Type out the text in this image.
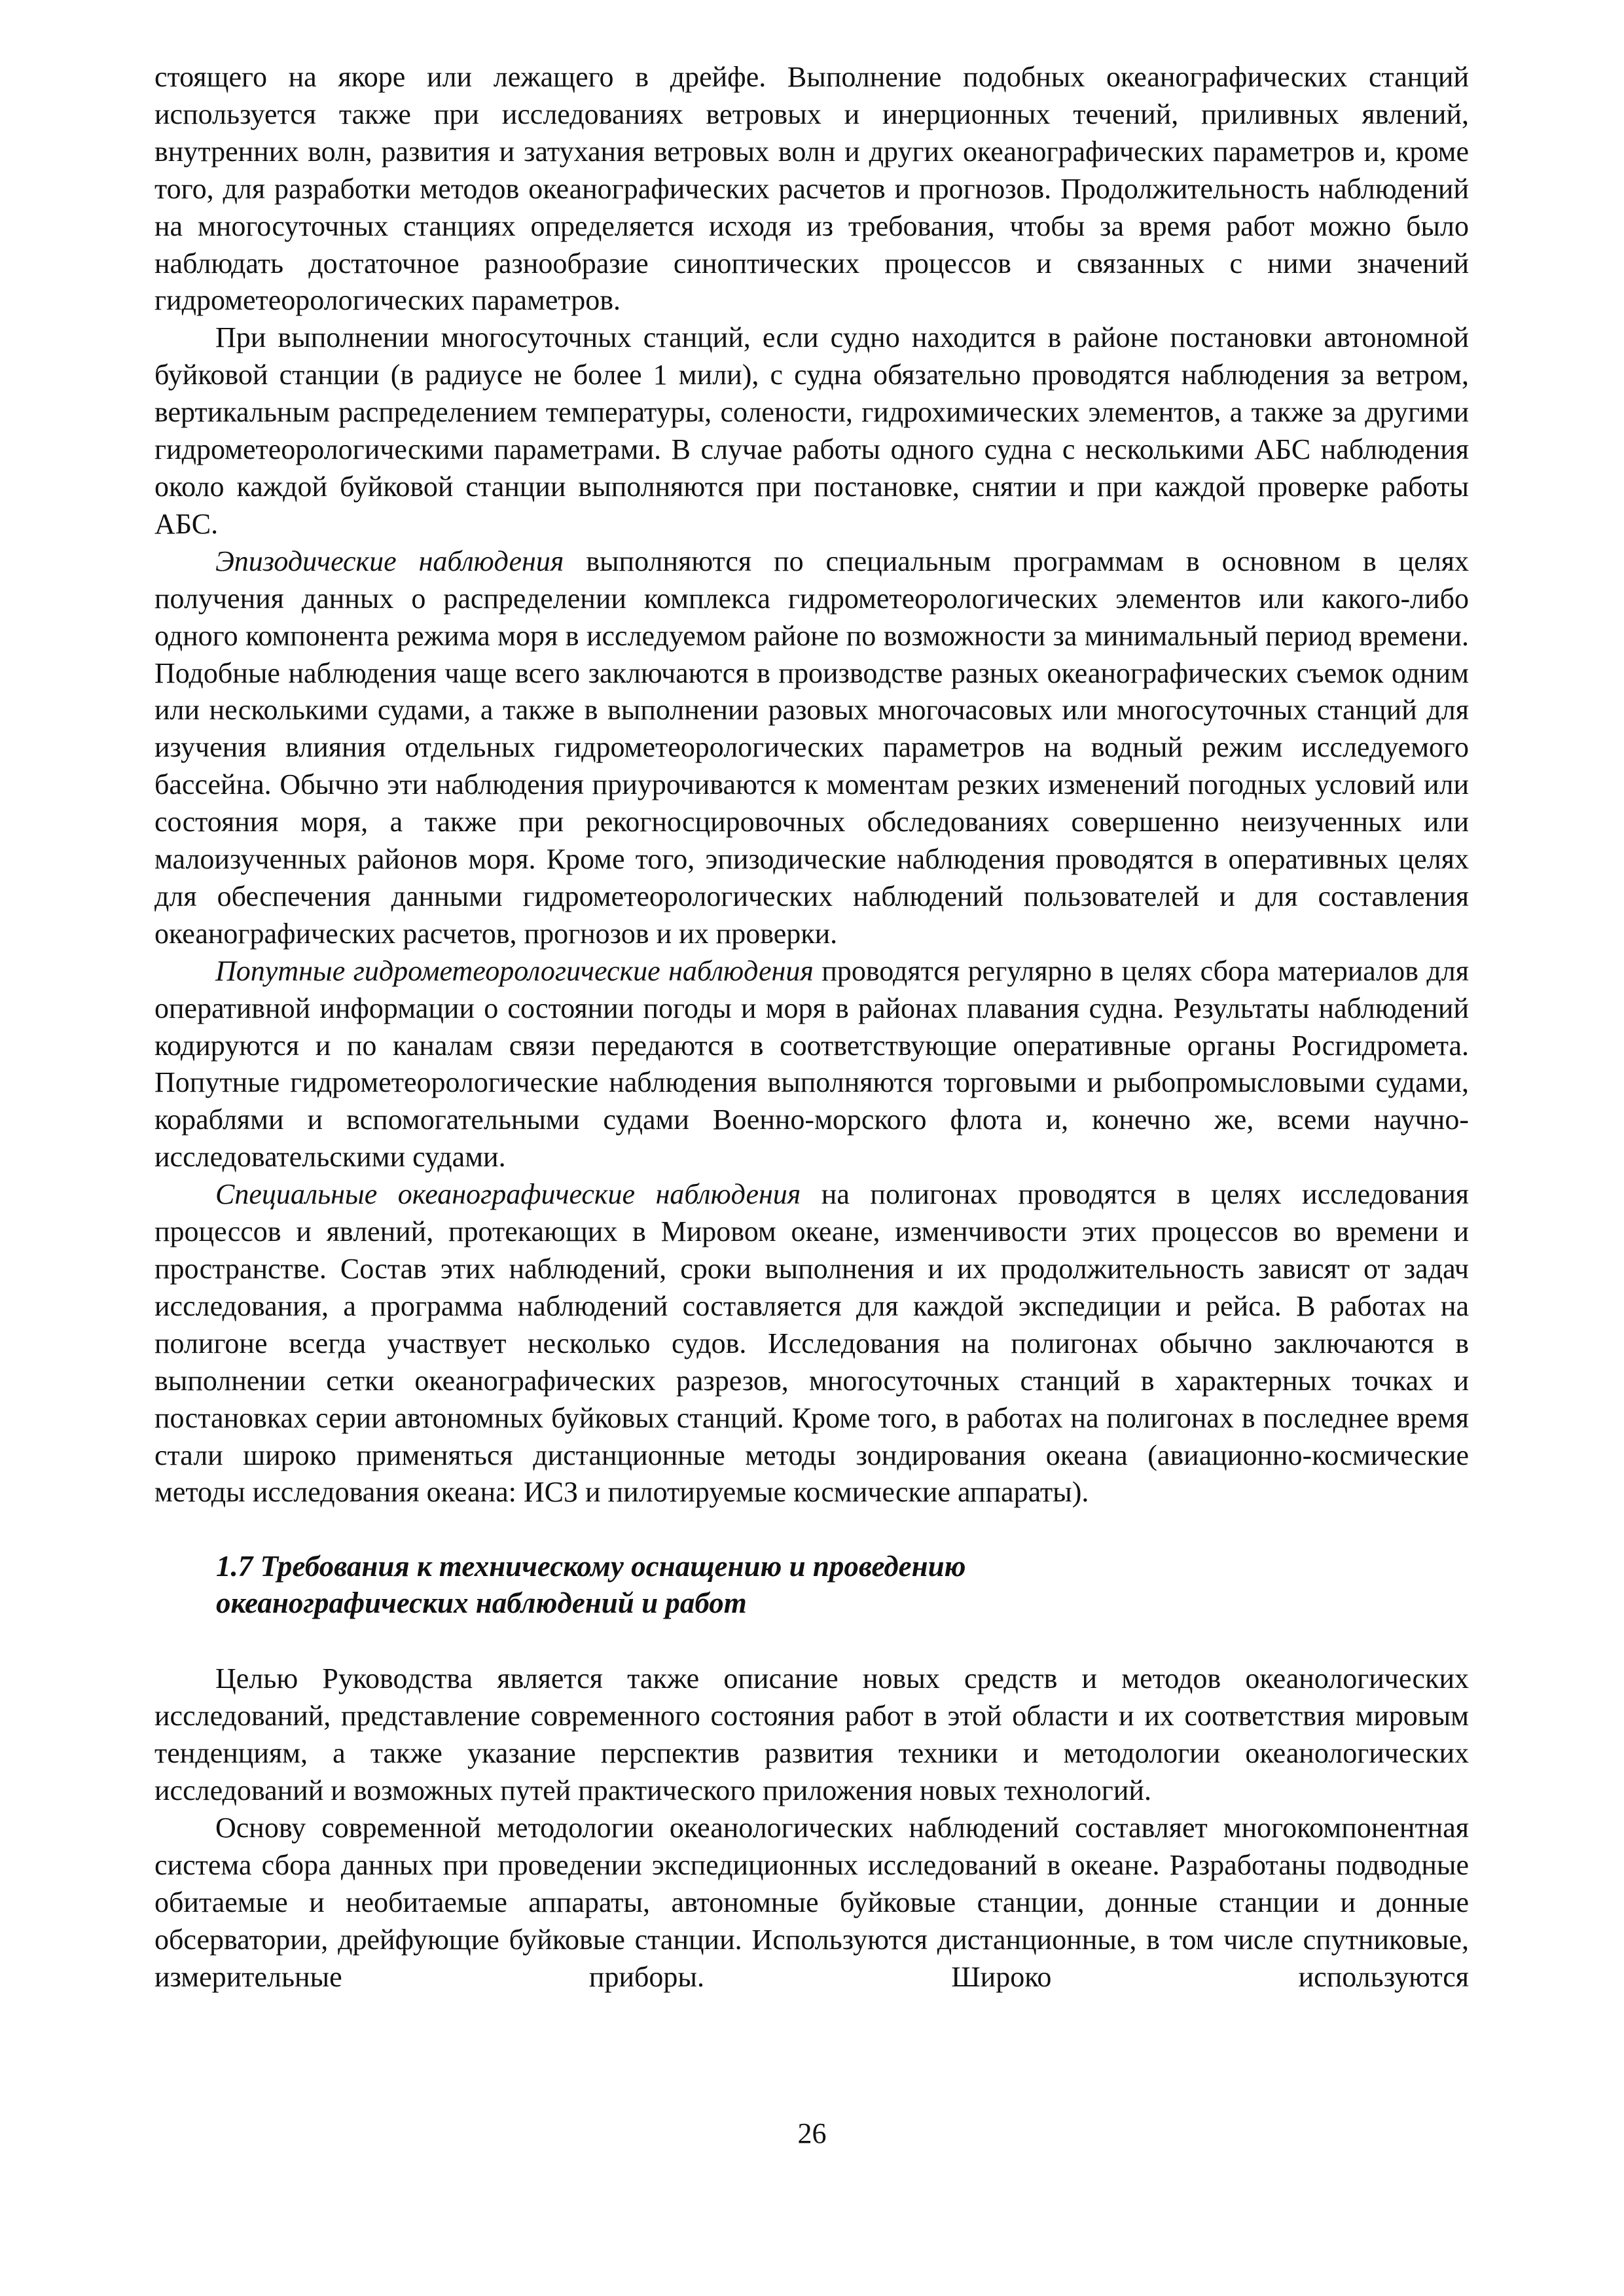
стоящего на якоре или лежащего в дрейфе. Выполнение подобных океанографических станций используется также при исследованиях ветровых и инерционных течений, приливных явлений, внутренних волн, развития и затухания ветровых волн и других океанографических параметров и, кроме того, для разработки методов океанографических расчетов и прогнозов. Продолжительность наблюдений на многосуточных станциях определяется исходя из требования, чтобы за время работ можно было наблюдать достаточное разнообразие синоптических процессов и связанных с ними значений гидрометеорологических параметров.

При выполнении многосуточных станций, если судно находится в районе постановки автономной буйковой станции (в радиусе не более 1 мили), с судна обязательно проводятся наблюдения за ветром, вертикальным распределением температуры, солености, гидрохимических элементов, а также за другими гидрометеорологическими параметрами. В случае работы одного судна с несколькими АБС наблюдения около каждой буйковой станции выполняются при постановке, снятии и при каждой проверке работы АБС.

Эпизодические наблюдения выполняются по специальным программам в основном в целях получения данных о распределении комплекса гидрометеорологических элементов или какого-либо одного компонента режима моря в исследуемом районе по возможности за минимальный период времени. Подобные наблюдения чаще всего заключаются в производстве разных океанографических съемок одним или несколькими судами, а также в выполнении разовых многочасовых или многосуточных станций для изучения влияния отдельных гидрометеорологических параметров на водный режим исследуемого бассейна. Обычно эти наблюдения приурочиваются к моментам резких изменений погодных условий или состояния моря, а также при рекогносцировочных обследованиях совершенно неизученных или малоизученных районов моря. Кроме того, эпизодические наблюдения проводятся в оперативных целях для обеспечения данными гидрометеорологических наблюдений пользователей и для составления океанографических расчетов, прогнозов и их проверки.

Попутные гидрометеорологические наблюдения проводятся регулярно в целях сбора материалов для оперативной информации о состоянии погоды и моря в районах плавания судна. Результаты наблюдений кодируются и по каналам связи передаются в соответствующие оперативные органы Росгидромета. Попутные гидрометеорологические наблюдения выполняются торговыми и рыбопромысловыми судами, кораблями и вспомогательными судами Военно-морского флота и, конечно же, всеми научно-исследовательскими судами.

Специальные океанографические наблюдения на полигонах проводятся в целях исследования процессов и явлений, протекающих в Мировом океане, изменчивости этих процессов во времени и пространстве. Состав этих наблюдений, сроки выполнения и их продолжительность зависят от задач исследования, а программа наблюдений составляется для каждой экспедиции и рейса. В работах на полигоне всегда участвует несколько судов. Исследования на полигонах обычно заключаются в выполнении сетки океанографических разрезов, многосуточных станций в характерных точках и постановках серии автономных буйковых станций. Кроме того, в работах на полигонах в последнее время стали широко применяться дистанционные методы зондирования океана (авиационно-космические методы исследования океана: ИСЗ и пилотируемые космические аппараты).

1.7 Требования к техническому оснащению и проведению
океанографических наблюдений и работ

Целью Руководства является также описание новых средств и методов океанологических исследований, представление современного состояния работ в этой области и их соответствия мировым тенденциям, а также указание перспектив развития техники и методологии океанологических исследований и возможных путей практического приложения новых технологий.

Основу современной методологии океанологических наблюдений составляет многокомпонентная система сбора данных при проведении экспедиционных исследований в океане. Разработаны подводные обитаемые и необитаемые аппараты, автономные буйковые станции, донные станции и донные обсерватории, дрейфующие буйковые станции. Используются дистанционные, в том числе спутниковые, измерительные приборы. Широко используются

26
